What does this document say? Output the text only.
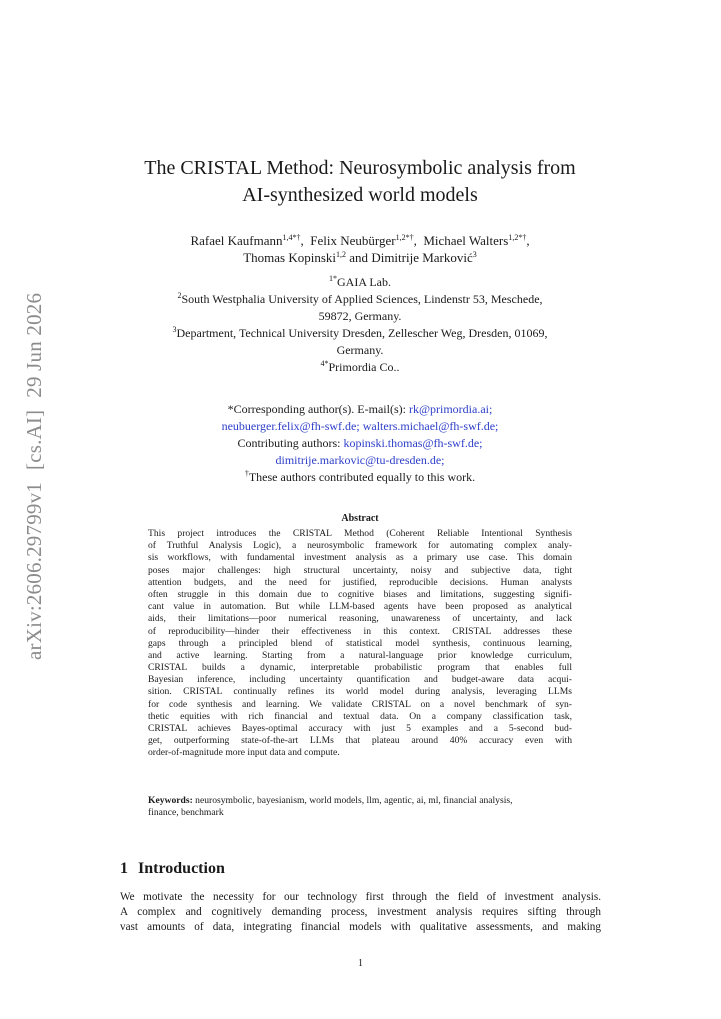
arXiv:2606.29799v1[cs.AI]29 Jun 2026
The CRISTAL Method: Neurosymbolic analysis from
AI-synthesized world models
Rafael Kaufmann$^{1,4*\dagger}$,  Felix Neubürger$^{1,2*\dagger}$,  Michael Walters$^{1,2*\dagger}$,
Thomas Kopinski$^{1,2}$ and Dimitrije Marković$^3$
$^{1*}$GAIA Lab.
$^2$South Westphalia University of Applied Sciences, Lindenstr 53, Meschede,
59872, Germany.
$^3$Department, Technical University Dresden, Zellescher Weg, Dresden, 01069,
Germany.
$^{4*}$Primordia Co..
*Corresponding author(s). E-mail(s): rk@primordia.ai;
neubuerger.felix@fh-swf.de; walters.michael@fh-swf.de;
Contributing authors: kopinski.thomas@fh-swf.de;
dimitrije.markovic@tu-dresden.de;
†These authors contributed equally to this work.
Abstract
This project introduces the CRISTAL Method (Coherent Reliable Intentional Synthesis
of Truthful Analysis Logic), a neurosymbolic framework for automating complex analy-
sis workflows, with fundamental investment analysis as a primary use case. This domain
poses major challenges: high structural uncertainty, noisy and subjective data, tight
attention budgets, and the need for justified, reproducible decisions. Human analysts
often struggle in this domain due to cognitive biases and limitations, suggesting signifi-
cant value in automation. But while LLM-based agents have been proposed as analytical
aids, their limitations—poor numerical reasoning, unawareness of uncertainty, and lack
of reproducibility—hinder their effectiveness in this context. CRISTAL addresses these
gaps through a principled blend of statistical model synthesis, continuous learning,
and active learning. Starting from a natural-language prior knowledge curriculum,
CRISTAL builds a dynamic, interpretable probabilistic program that enables full
Bayesian inference, including uncertainty quantification and budget-aware data acqui-
sition. CRISTAL continually refines its world model during analysis, leveraging LLMs
for code synthesis and learning. We validate CRISTAL on a novel benchmark of syn-
thetic equities with rich financial and textual data. On a company classification task,
CRISTAL achieves Bayes-optimal accuracy with just 5 examples and a 5-second bud-
get, outperforming state-of-the-art LLMs that plateau around 40% accuracy even with
order-of-magnitude more input data and compute.
Keywords: neurosymbolic, bayesianism, world models, llm, agentic, ai, ml, financial analysis,
finance, benchmark
1 Introduction
We motivate the necessity for our technology first through the field of investment analysis.
A complex and cognitively demanding process, investment analysis requires sifting through
vast amounts of data, integrating financial models with qualitative assessments, and making
1
